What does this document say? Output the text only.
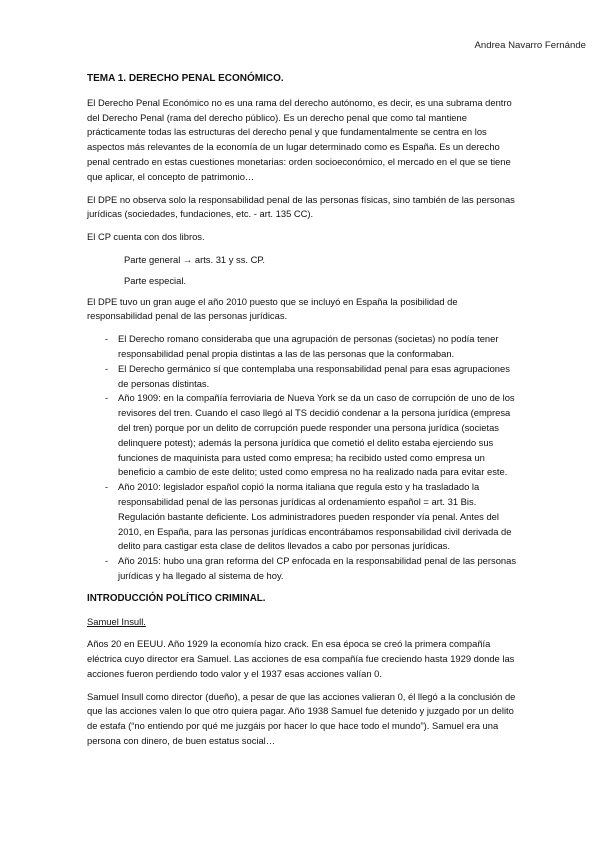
Andrea Navarro Fernánde

TEMA 1. DERECHO PENAL ECONÓMICO.

El Derecho Penal Económico no es una rama del derecho autónomo, es decir, es una subrama dentro del Derecho Penal (rama del derecho público). Es un derecho penal que como tal mantiene prácticamente todas las estructuras del derecho penal y que fundamentalmente se centra en los aspectos más relevantes de la economía de un lugar determinado como es España. Es un derecho penal centrado en estas cuestiones monetarias: orden socioeconómico, el mercado en el que se tiene que aplicar, el concepto de patrimonio…

El DPE no observa solo la responsabilidad penal de las personas físicas, sino también de las personas jurídicas (sociedades, fundaciones, etc. - art. 135 CC).

El CP cuenta con dos libros.

Parte general → arts. 31 y ss. CP.

Parte especial.

El DPE tuvo un gran auge el año 2010 puesto que se incluyó en España la posibilidad de responsabilidad penal de las personas jurídicas.

- El Derecho romano consideraba que una agrupación de personas (societas) no podía tener responsabilidad penal propia distintas a las de las personas que la conformaban.
- El Derecho germánico sí que contemplaba una responsabilidad penal para esas agrupaciones de personas distintas.
- Año 1909: en la compañía ferroviaria de Nueva York se da un caso de corrupción de uno de los revisores del tren. Cuando el caso llegó al TS decidió condenar a la persona jurídica (empresa del tren) porque por un delito de corrupción puede responder una persona jurídica (societas delinquere potest); además la persona jurídica que cometió el delito estaba ejerciendo sus funciones de maquinista para usted como empresa; ha recibido usted como empresa un beneficio a cambio de este delito; usted como empresa no ha realizado nada para evitar este.
- Año 2010: legislador español copió la norma italiana que regula esto y ha trasladado la responsabilidad penal de las personas jurídicas al ordenamiento español = art. 31 Bis. Regulación bastante deficiente. Los administradores pueden responder vía penal. Antes del 2010, en España, para las personas jurídicas encontrábamos responsabilidad civil derivada de delito para castigar esta clase de delitos llevados a cabo por personas jurídicas.
- Año 2015: hubo una gran reforma del CP enfocada en la responsabilidad penal de las personas jurídicas y ha llegado al sistema de hoy.

INTRODUCCIÓN POLÍTICO CRIMINAL.

Samuel Insull.

Años 20 en EEUU. Año 1929 la economía hizo crack. En esa época se creó la primera compañía eléctrica cuyo director era Samuel. Las acciones de esa compañía fue creciendo hasta 1929 donde las acciones fueron perdiendo todo valor y el 1937 esas acciones valían 0.

Samuel Insull como director (dueño), a pesar de que las acciones valieran 0, él llegó a la conclusión de que las acciones valen lo que otro quiera pagar. Año 1938 Samuel fue detenido y juzgado por un delito de estafa (“no entiendo por qué me juzgáis por hacer lo que hace todo el mundo”). Samuel era una persona con dinero, de buen estatus social…
